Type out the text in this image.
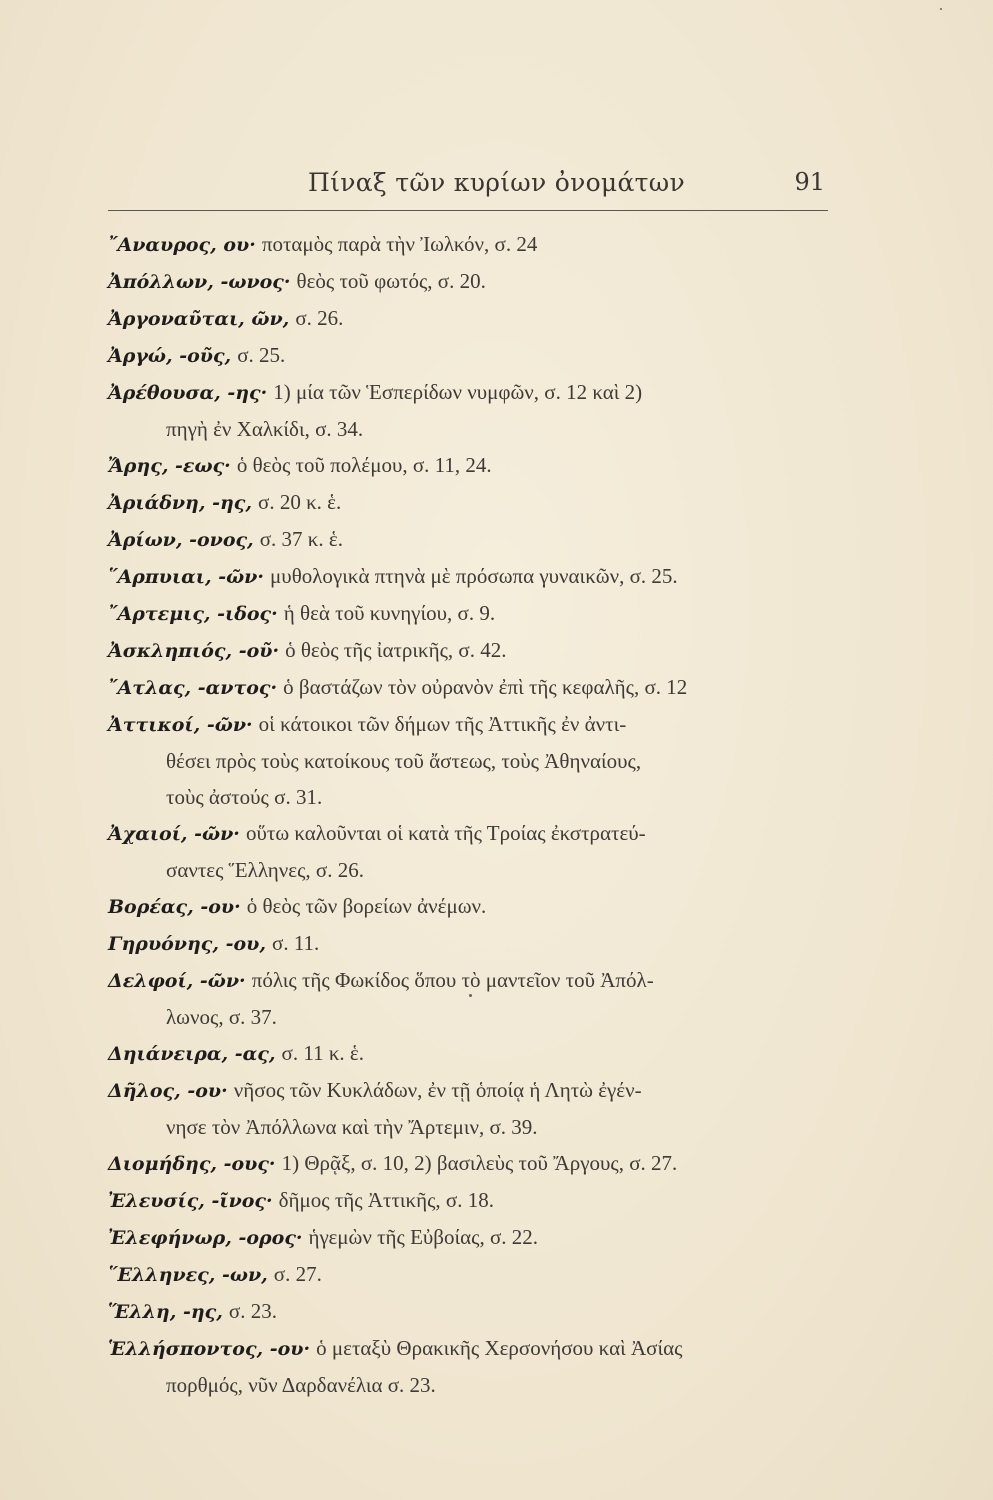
Πίναξ τῶν κυρίων ὀνομάτων	91
῎Αναυρος, ου· ποταμὸς παρὰ τὴν Ἰωλκόν, σ. 24
Ἀπόλλων, -ωνος· θεὸς τοῦ φωτός, σ. 20.
Ἀργοναῦται, ῶν, σ. 26.
Ἀργώ, -οῦς, σ. 25.
Ἀρέθουσα, -ης· 1) μία τῶν Ἑσπερίδων νυμφῶν, σ. 12 καὶ 2)
πηγὴ ἐν Χαλκίδι, σ. 34.
Ἄρης, -εως· ὁ θεὸς τοῦ πολέμου, σ. 11, 24.
Ἀριάδνη, -ης, σ. 20 κ. ἑ.
Ἀρίων, -ονος, σ. 37 κ. ἑ.
῞Αρπυιαι, -ῶν· μυθολογικὰ πτηνὰ μὲ πρόσωπα γυναικῶν, σ. 25.
῎Αρτεμις, -ιδος· ἡ θεὰ τοῦ κυνηγίου, σ. 9.
Ἀσκληπιός, -οῦ· ὁ θεὸς τῆς ἰατρικῆς, σ. 42.
῎Ατλας, -αντος· ὁ βαστάζων τὸν οὐρανὸν ἐπὶ τῆς κεφαλῆς, σ. 12
Ἀττικοί, -ῶν· οἱ κάτοικοι τῶν δήμων τῆς Ἀττικῆς ἐν ἀντι-
θέσει πρὸς τοὺς κατοίκους τοῦ ἄστεως, τοὺς Ἀθηναίους,
τοὺς ἀστούς σ. 31.
Ἀχαιοί, -ῶν· οὕτω καλοῦνται οἱ κατὰ τῆς Τροίας ἐκστρατεύ-
σαντες Ἕλληνες, σ. 26.
Βορέας, -ου· ὁ θεὸς τῶν βορείων ἀνέμων.
Γηρυόνης, -ου, σ. 11.
Δελφοί, -ῶν· πόλις τῆς Φωκίδος ὅπου τὸ μαντεῖον τοῦ Ἀπόλ-
λωνος, σ. 37.
Δηιάνειρα, -ας, σ. 11 κ. ἑ.
Δῆλος, -ου· νῆσος τῶν Κυκλάδων, ἐν τῇ ὁποίᾳ ἡ Λητὼ ἐγέν-
νησε τὸν Ἀπόλλωνα καὶ τὴν Ἄρτεμιν, σ. 39.
Διομήδης, -ους· 1) Θρᾷξ, σ. 10, 2) βασιλεὺς τοῦ Ἄργους, σ. 27.
Ἐλευσίς, -ῖνος· δῆμος τῆς Ἀττικῆς, σ. 18.
Ἐλεφήνωρ, -ορος· ἡγεμὼν τῆς Εὐβοίας, σ. 22.
῞Ελληνες, -ων, σ. 27.
Ἕλλη, -ης, σ. 23.
Ἑλλήσποντος, -ου· ὁ μεταξὺ Θρακικῆς Χερσονήσου καὶ Ἀσίας
πορθμός, νῦν Δαρδανέλια σ. 23.
